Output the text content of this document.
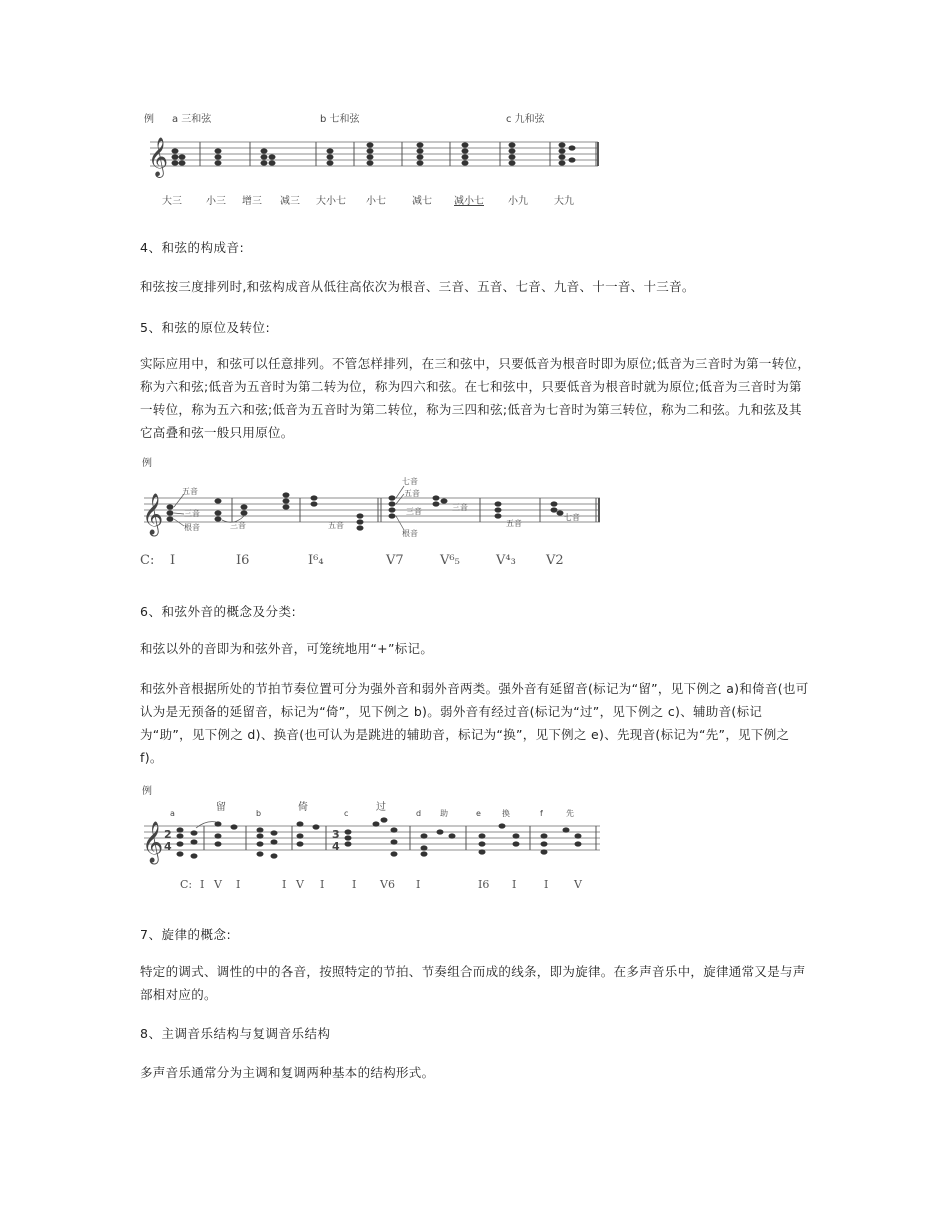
例 a 三和弦	b 七和弦	c 九和弦
𝄞
大三 小三 增三 减三 大小七 小七	减七 减小七 小九	大九
4、和弦的构成音:

和弦按三度排列时,和弦构成音从低往高依次为根音、三音、五音、七音、九音、十一音、十三音。

5、和弦的原位及转位:

实际应用中，和弦可以任意排列。不管怎样排列，在三和弦中，只要低音为根音时即为原位;低音为三音时为第一转位，称为六和弦;低音为五音时为第二转为位，称为四六和弦。在七和弦中，只要低音为根音时就为原位;低音为三音时为第一转位，称为五六和弦;低音为五音时为第二转位，称为三四和弦;低音为七音时为第三转位，称为二和弦。九和弦及其它高叠和弦一般只用原位。

例
𝄞
五音
三音
根音	三音	五音
七音
五音
三音
根音
三音
五音
七音
C: I	I6	I⁶₄	V7	V⁶₅	V⁴₃ V2
6、和弦外音的概念及分类:

和弦以外的音即为和弦外音，可笼统地用“+”标记。

和弦外音根据所处的节拍节奏位置可分为强外音和弱外音两类。强外音有延留音(标记为“留”，见下例之 a)和倚音(也可认为是无预备的延留音，标记为“倚”，见下例之 b)。弱外音有经过音(标记为“过”，见下例之 c)、辅助音(标记为“助”，见下例之 d)、换音(也可认为是跳进的辅助音，标记为“换”，见下例之 e)、先现音(标记为“先”，见下例之 f)。

例
a	b	c	d	e	f
留	倚	过
助	换	先
𝄞 2
4
3
4
C: I V I	I V I	I V6 I	I6 I	I V
7、旋律的概念:

特定的调式、调性的中的各音，按照特定的节拍、节奏组合而成的线条，即为旋律。在多声音乐中，旋律通常又是与声部相对应的。

8、主调音乐结构与复调音乐结构

多声音乐通常分为主调和复调两种基本的结构形式。
